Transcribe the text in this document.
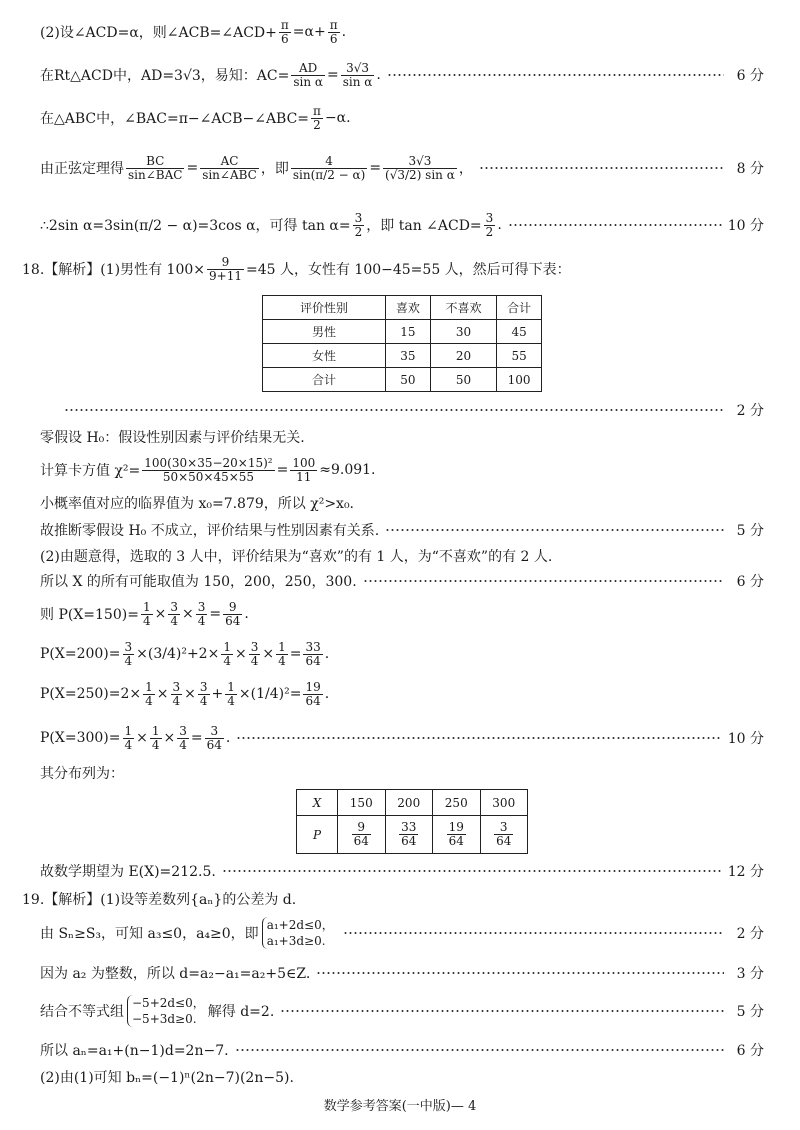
(2)设∠ACD=α，则∠ACB=∠ACD+ $\frac{\pi}{6} =\alpha+ \frac{\pi}{6}$ .
在Rt△ACD中，AD=3√3，易知：$AC= \frac{AD}{\text{sin α}} = \frac{3√3}{\text{sin α}}$ .	6 分
在△ABC中，∠BAC=π−∠ACB−∠ABC= $\frac{\pi}{2} -\alpha$.
由正弦定理得 $\frac{BC}{\text{sin∠BAC}} = \frac{AC}{\text{sin∠ABC}}$ ，即 $\frac{4}{\sin(\pi/2 - \alpha)} = \frac{3√3}{\text{(√3/2) sin α}}$ ，	8 分
∴2sin α=3sin(π/2 − α)=3cos α，可得 $\tan \alpha= \frac{3}{2}$ ，即 tan ∠ACD= $\frac{3}{2}$ .	10 分
18.【解析】(1)男性有 $100\times \frac{9}{9+11} =45$ 人，女性有 100−45=55 人，然后可得下表：
评价性别	喜欢	不喜欢	合计
男性	15	30	45
女性	35	20	55
合计	50	50	100
2 分
零假设 H₀：假设性别因素与评价结果无关.
计算卡方值 $\chi^2= \frac{\text{100(30×35−20×15)²}}{50\times 50\times 45\times 55} = \frac{100}{11} \approx 9.091$.
小概率值对应的临界值为 x₀=7.879，所以 χ²>x₀.
故推断零假设 H₀ 不成立，评价结果与性别因素有关系.	5 分
(2)由题意得，选取的 3 人中，评价结果为“喜欢”的有 1 人，为“不喜欢”的有 2 人.
所以 X 的所有可能取值为 150，200，250，300.	6 分
则 $P(X=150)= \frac{1}{4} \times \frac{3}{4} \times \frac{3}{4} = \frac{9}{64}$ .
$P(X=200)= \frac{3}{4} \times(3/4)^2+2\times \frac{1}{4} \times \frac{3}{4} \times \frac{1}{4} = \frac{33}{64}$ .
$P(X=250)=2\times \frac{1}{4} \times \frac{3}{4} \times \frac{3}{4} + \frac{1}{4} \times(1/4)^2= \frac{19}{64}$ .
$P(X=300)= \frac{1}{4} \times \frac{1}{4} \times \frac{3}{4} = \frac{3}{64}$ .	10 分
其分布列为：
X	150	200	250	300
P	$\frac{9}{64}$	$\frac{33}{64}$	$\frac{19}{64}$	$\frac{3}{64}$
故数学期望为 E(X)=212.5.	12 分
19.【解析】(1)设等差数列{aₙ}的公差为 d.
由 Sₙ≥S₃，可知 a₃≤0，a₄≥0，即
a₁+2d≤0，
a₁+3d≥0.	2 分
因为 a₂ 为整数，所以 d=a₂−a₁=a₂+5∈Z.	3 分
结合不等式组
−5+2d≤0，
−5+3d≥0. 解得 d=2.	5 分
所以 aₙ=a₁+(n−1)d=2n−7.	6 分
(2)由(1)可知 bₙ=(−1)ⁿ(2n−7)(2n−5).
数学参考答案(一中版)— 4
